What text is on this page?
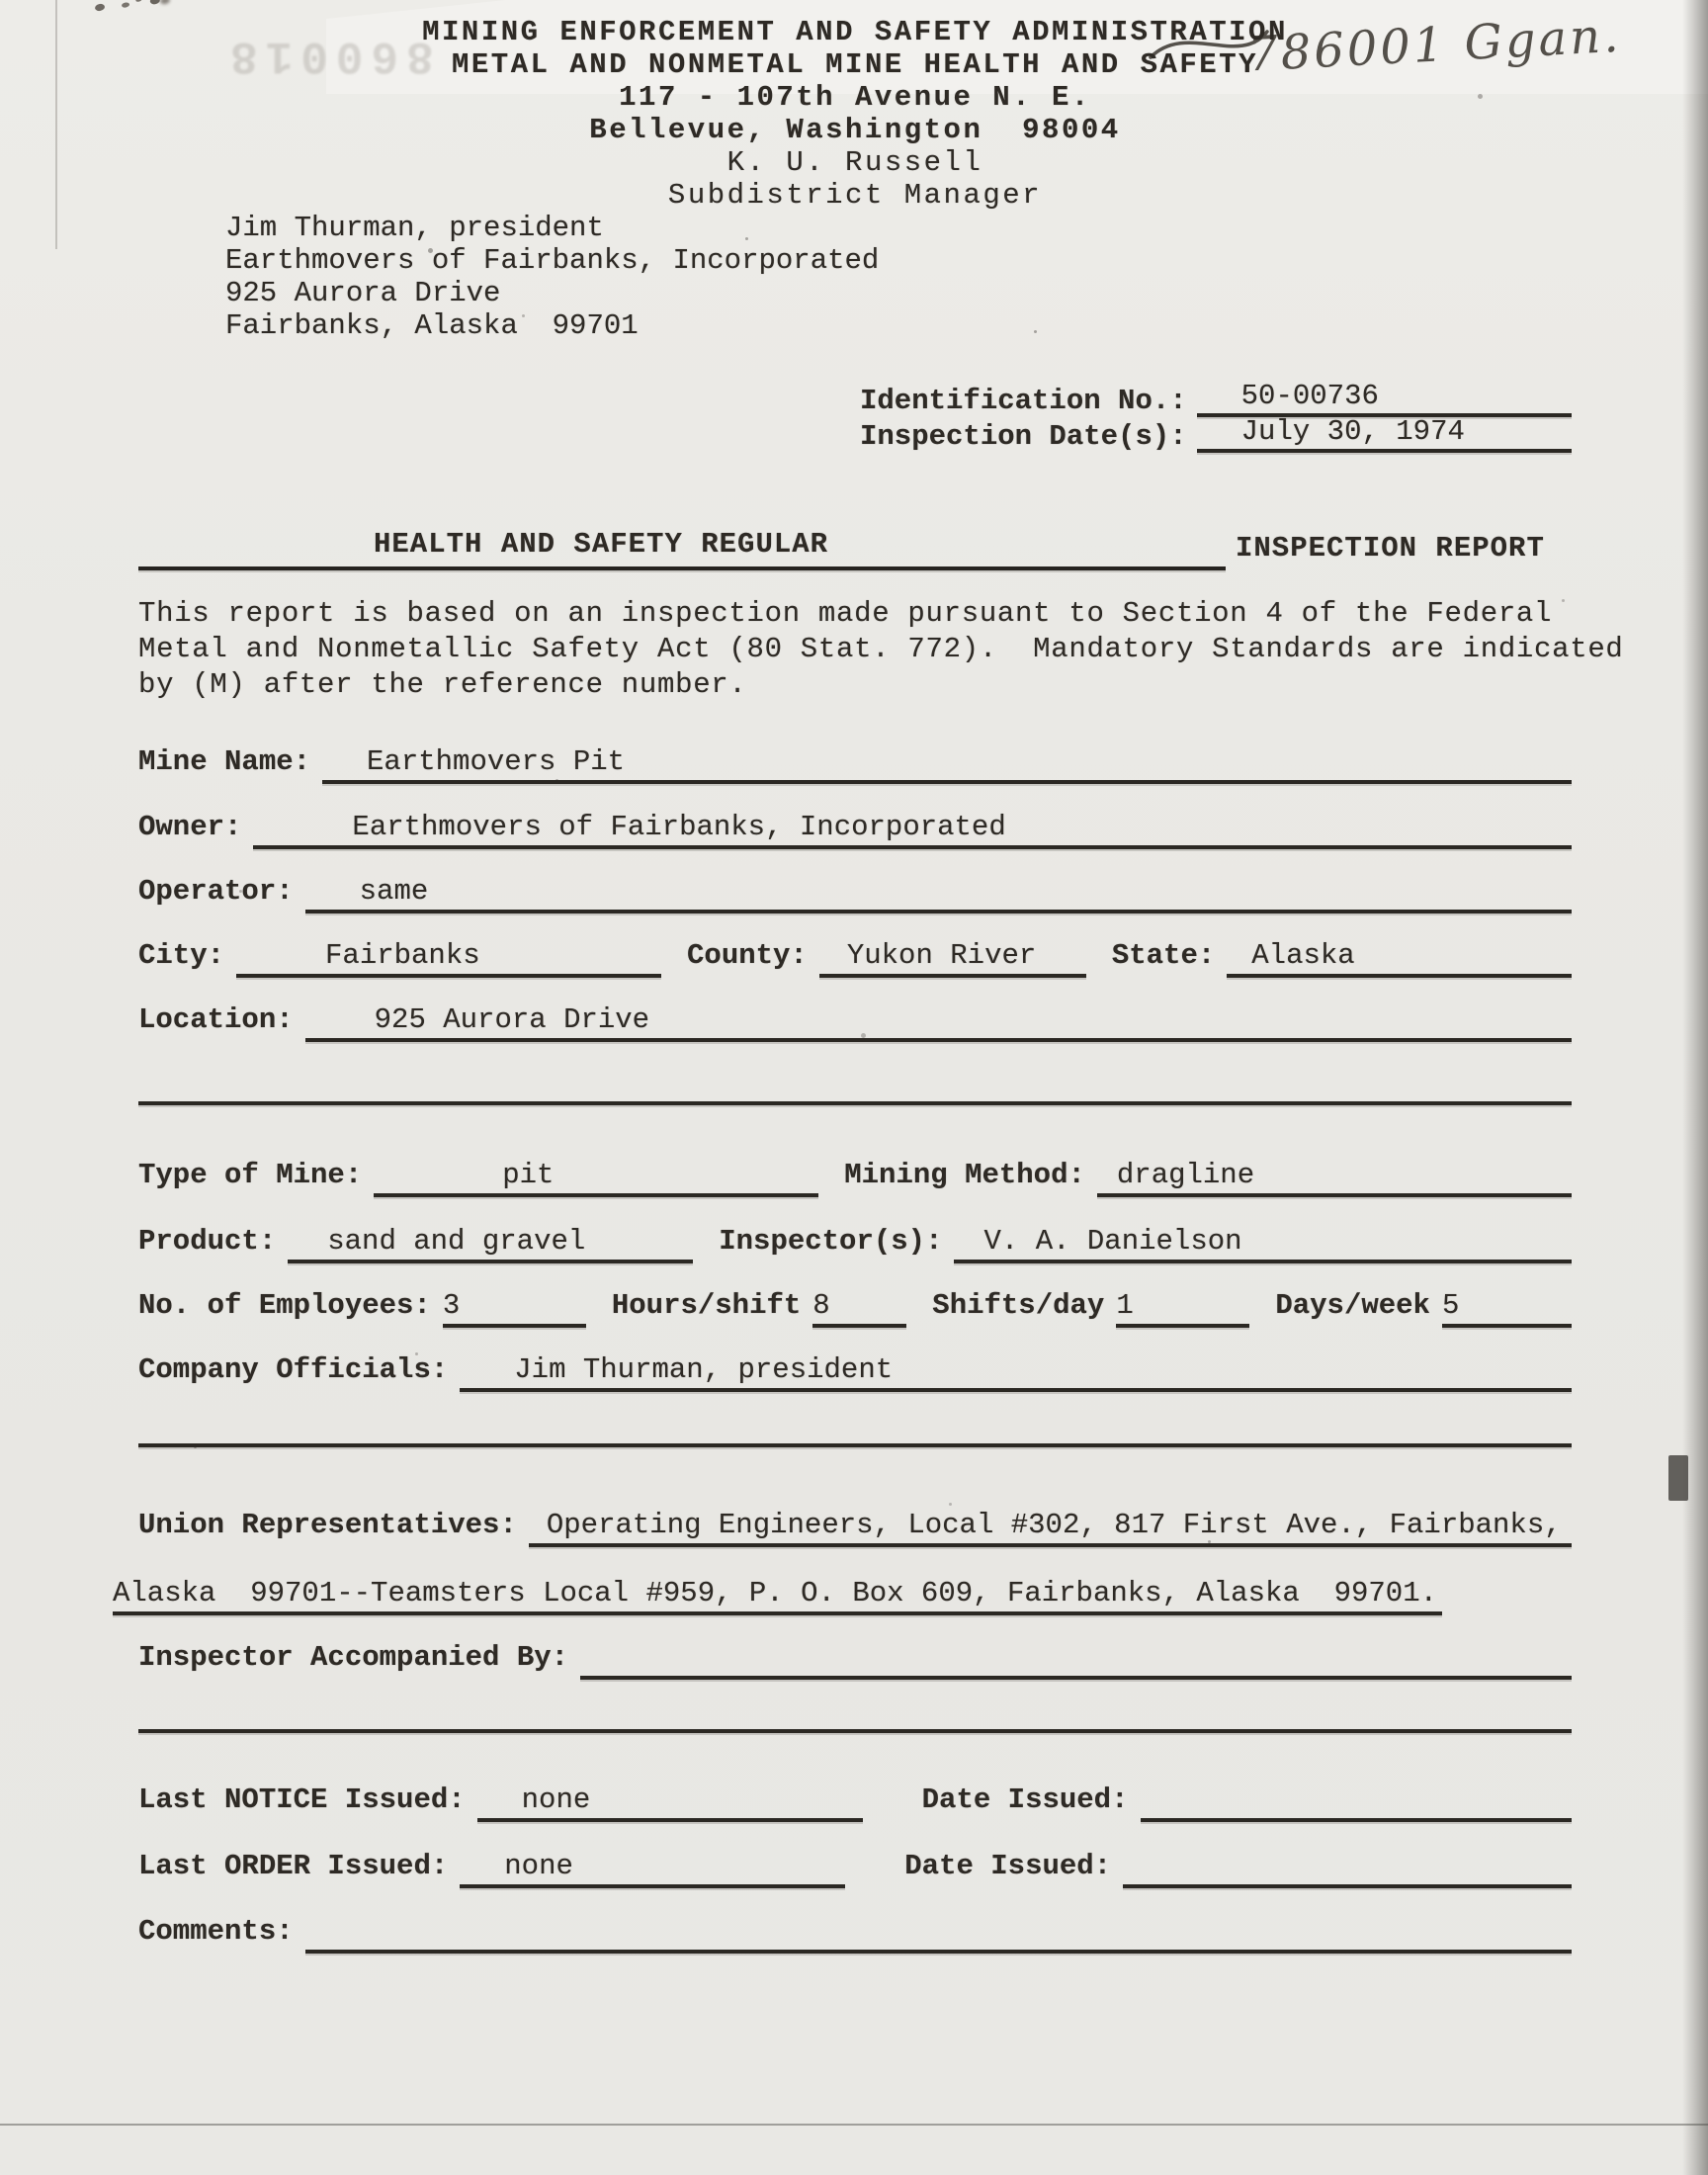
860018	786001 Ggan.
MINING ENFORCEMENT AND SAFETY ADMINISTRATION
METAL AND NONMETAL MINE HEALTH AND SAFETY
117 - 107th Avenue N. E.
Bellevue, Washington  98004
K. U. Russell
Subdistrict Manager
Jim Thurman, president
Earthmovers of Fairbanks, Incorporated
925 Aurora Drive
Fairbanks, Alaska  99701
Identification No.:	50-00736
Inspection Date(s):	July 30, 1974
HEALTH AND SAFETY REGULAR	INSPECTION REPORT
This report is based on an inspection made pursuant to Section 4 of the Federal
Metal and Nonmetallic Safety Act (80 Stat. 772).  Mandatory Standards are indicated
by (M) after the reference number.
Mine Name:	Earthmovers Pit
Owner:	Earthmovers of Fairbanks, Incorporated
Operator:	same
City:	Fairbanks	County:	Yukon River	State:	Alaska
Location:	925 Aurora Drive
Type of Mine:	pit	Mining Method:	dragline
Product:	sand and gravel	Inspector(s):	V. A. Danielson
No. of Employees: 3	Hours/shift 8	Shifts/day 1	Days/week 5
Company Officials:	Jim Thurman, president
Union Representatives:	Operating Engineers, Local #302, 817 First Ave., Fairbanks,
Alaska  99701--Teamsters Local #959, P. O. Box 609, Fairbanks, Alaska  99701.
Inspector Accompanied By:
Last NOTICE Issued:	none	Date Issued:
Last ORDER Issued:	none	Date Issued:
Comments:
